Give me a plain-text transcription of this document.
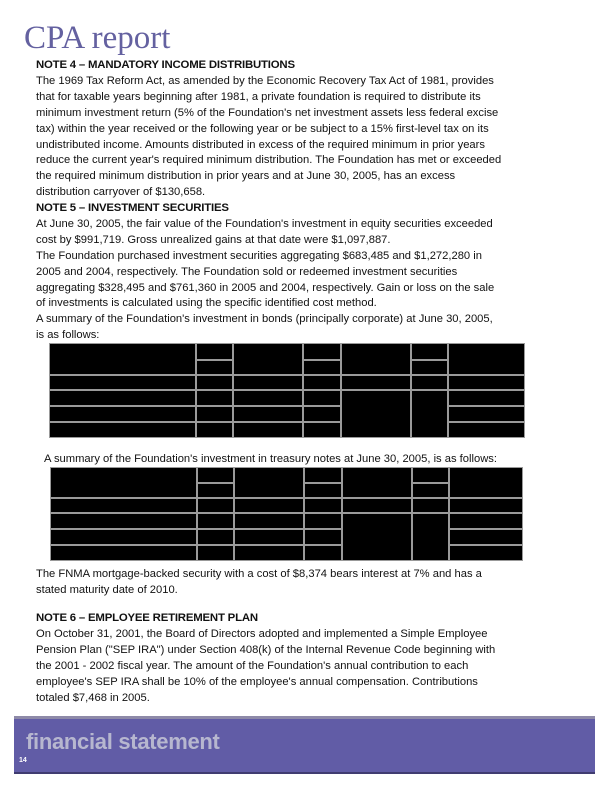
CPA report
NOTE 4 – MANDATORY INCOME DISTRIBUTIONS
The 1969 Tax Reform Act, as amended by the Economic Recovery Tax Act of 1981, provides
that for taxable years beginning after 1981, a private foundation is required to distribute its
minimum investment return (5% of the Foundation's net investment assets less federal excise
tax) within the year received or the following year or be subject to a 15% first-level tax on its
undistributed income. Amounts distributed in excess of the required minimum in prior years
reduce the current year's required minimum distribution. The Foundation has met or exceeded
the required minimum distribution in prior years and at June 30, 2005, has an excess
distribution carryover of $130,658.
NOTE 5 – INVESTMENT SECURITIES
At June 30, 2005, the fair value of the Foundation's investment in equity securities exceeded
cost by $991,719. Gross unrealized gains at that date were $1,097,887.
The Foundation purchased investment securities aggregating $683,485 and $1,272,280 in
2005 and 2004, respectively. The Foundation sold or redeemed investment securities
aggregating $328,495 and $761,360 in 2005 and 2004, respectively. Gain or loss on the sale
of investments is calculated using the specific identified cost method.
A summary of the Foundation's investment in bonds (principally corporate) at June 30, 2005,
is as follows:
A summary of the Foundation's investment in treasury notes at June 30, 2005, is as follows:
The FNMA mortgage-backed security with a cost of $8,374 bears interest at 7% and has a
stated maturity date of 2010.
NOTE 6 – EMPLOYEE RETIREMENT PLAN
On October 31, 2001, the Board of Directors adopted and implemented a Simple Employee
Pension Plan ("SEP IRA") under Section 408(k) of the Internal Revenue Code beginning with
the 2001 - 2002 fiscal year. The amount of the Foundation's annual contribution to each
employee's SEP IRA shall be 10% of the employee's annual compensation. Contributions
totaled $7,468 in 2005.
financial statement
14
